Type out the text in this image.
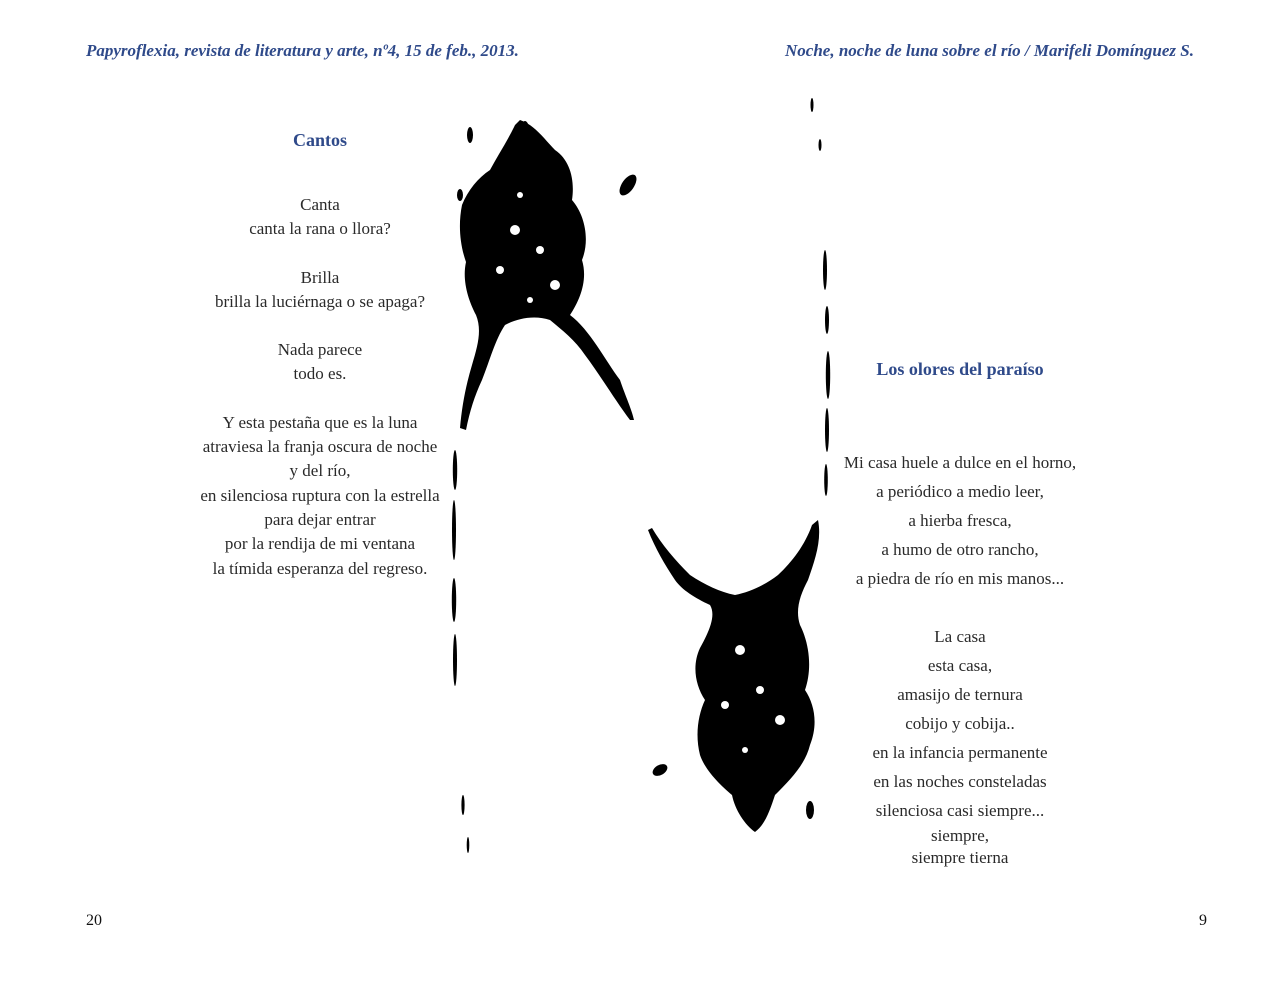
Papyroflexia, revista de literatura y arte, nº4, 15 de feb., 2013.	Noche, noche de luna sobre el río / Marifeli Domínguez S.
Cantos
Canta
canta la rana o llora?
Brilla
brilla la luciérnaga o se apaga?
Nada parece
todo es.
Y esta pestaña que es la luna
atraviesa la franja oscura de noche
y del río,
en silenciosa ruptura con la estrella
para dejar entrar
por la rendija de mi ventana
la tímida esperanza del regreso.
Los olores del paraíso
Mi casa huele a dulce en el horno,
a periódico a medio leer,
a hierba fresca,
a humo de otro rancho,
a piedra de río en mis manos...
La casa
esta casa,
amasijo de ternura
cobijo y cobija..
en la infancia permanente
en las noches consteladas
silenciosa casi siempre...
siempre,
siempre tierna
20	9
